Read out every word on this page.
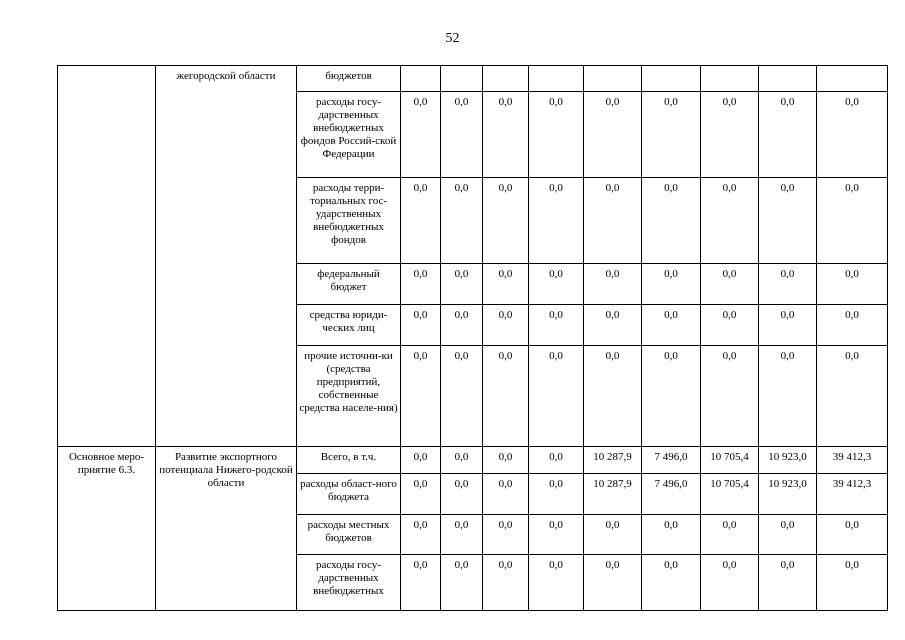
52
	жегородской области	бюджетов									
		расходы госу-дарственных внебюджетных фондов Россий-ской Федерации	0,0	0,0	0,0	0,0	0,0	0,0	0,0	0,0	0,0
		расходы терри-ториальных гос-ударственных внебюджетных фондов	0,0	0,0	0,0	0,0	0,0	0,0	0,0	0,0	0,0
		федеральный бюджет	0,0	0,0	0,0	0,0	0,0	0,0	0,0	0,0	0,0
		средства юриди-ческих лиц	0,0	0,0	0,0	0,0	0,0	0,0	0,0	0,0	0,0
		прочие источни-ки (средства предприятий, собственные средства населе-ния)	0,0	0,0	0,0	0,0	0,0	0,0	0,0	0,0	0,0
Основное меро-приятие 6.3.	Развитие экспортного потенциала Нижего-родской области	Всего, в т.ч.	0,0	0,0	0,0	0,0	10 287,9	7 496,0	10 705,4	10 923,0	39 412,3
		расходы област-ного бюджета	0,0	0,0	0,0	0,0	10 287,9	7 496,0	10 705,4	10 923,0	39 412,3
		расходы местных бюджетов	0,0	0,0	0,0	0,0	0,0	0,0	0,0	0,0	0,0
		расходы госу-дарственных внебюджетных	0,0	0,0	0,0	0,0	0,0	0,0	0,0	0,0	0,0
